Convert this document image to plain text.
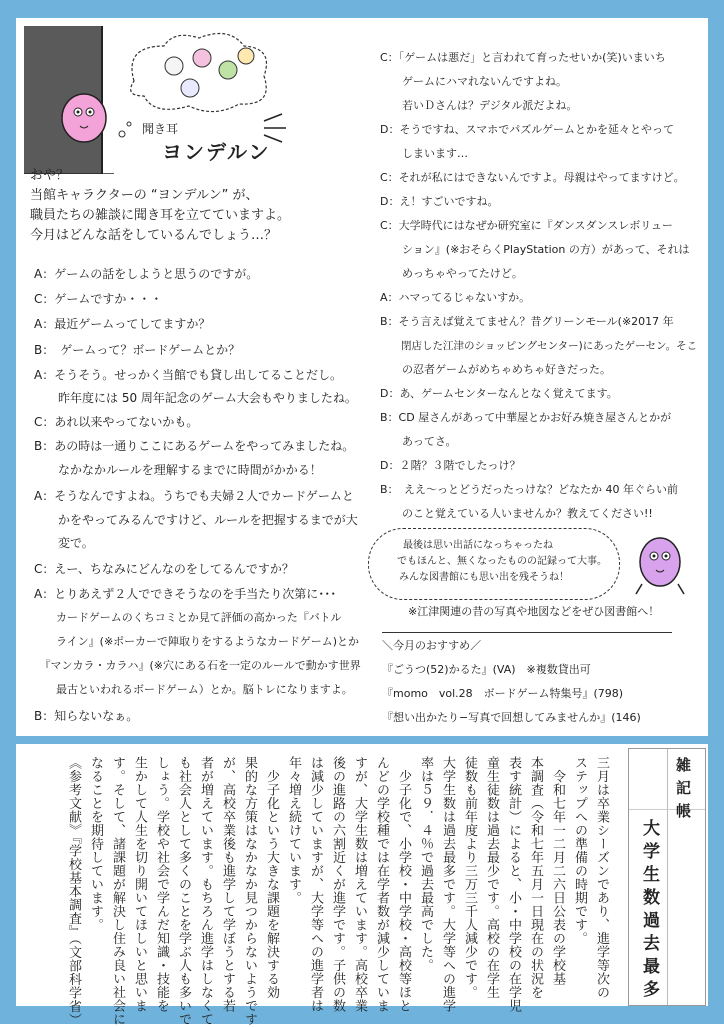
聞き耳
ヨンデルン
おや？
当館キャラクターの “ヨンデルン” が、
職員たちの雑談に聞き耳を立てていますよ。
今月はどんな話をしているんでしょう…？
A：ゲームの話をしようと思うのですが。
C：ゲームですか・・・
A：最近ゲームってしてますか？
B：　ゲームって？ボードゲームとか？
A：そうそう。せっかく当館でも貸し出してることだし。
　　昨年度には 50 周年記念のゲーム大会もやりましたね。
C：あれ以来やってないかも。
B：あの時は一通りここにあるゲームをやってみましたね。
　　なかなかルールを理解するまでに時間がかかる！
A：そうなんですよね。うちでも夫婦２人でカードゲームと
　　かをやってみるんですけど、ルールを把握するまでが大
　　変で。
C：えー、ちなみにどんなのをしてるんですか？
A：とりあえず２人でできそうなのを手当たり次第に･･･
　　カードゲームのくちコミとか見て評価の高かった『バトル
　　ライン』(※ポーカーで陣取りをするようなカードゲーム)とか
　『マンカラ・カラハ』(※穴にある石を一定のルールで動かす世界
　　最古といわれるボードゲーム）とか。脳トレになりますよ。
B：知らないなぁ。
C：「ゲームは悪だ」と言われて育ったせいか(笑)いまいち
　　ゲームにハマれないんですよね。
　　若いＤさんは？デジタル派だよね。
D：そうですね、スマホでパズルゲームとかを延々とやって
　　しまいます…
C：それが私にはできないんですよ。母親はやってますけど。
D：え！すごいですね。
C：大学時代にはなぜか研究室に『ダンスダンスレボリュー
　　ション』(※おそらくPlayStation の方）があって、それは
　　めっちゃやってたけど。
A：ハマってるじゃないすか。
B：そう言えば覚えてません？昔グリーンモール(※2017 年
　　閉店した江津のショッピングセンター)にあったゲーセン。そこ
　　の忍者ゲームがめちゃめちゃ好きだった。
D：あ、ゲームセンターなんとなく覚えてます。
B：CD 屋さんがあって中華屋とかお好み焼き屋さんとかが
　　あってさ。
D：２階？３階でしたっけ？
B：　ええ〜っとどうだったっけな？どなたか 40 年ぐらい前
　　のこと覚えている人いませんか？教えてください!!
最後は思い出話になっちゃったね
でもほんと、無くなったものの記録って大事。
みんな図書館にも思い出を残そうね！
※江津関連の昔の写真や地図などをぜひ図書館へ！
＼今月のおすすめ／
『ごうつ(52)かるた』(VA)　※複数貸出可
『momo　vol.28　ボードゲーム特集号』(798)
『想い出かたり−写真で回想してみませんか』(146)
三月は卒業シーズンであり、進学等次の
ステップへの準備の時期です。
　令和七年一二月二六日公表の学校基
本調査（令和七年五月一日現在の状況を
表す統計）によると、小・中学校の在学児
童生徒数は過去最少です。高校の在学生
徒数も前年度より三万三千人減少です。
大学生数は過去最多です。大学等への進学
率は５９．４％で過去最高でした。
　少子化で、小学校・中学校・高校等ほと
んどの学校種では在学者数が減少していま
すが、大学生数は増えています。高校卒業
後の進路の六割近くが進学です。子供の数
は減少していますが、大学等への進学者は
年々増え続けています。
　少子化という大きな課題を解決する効
果的な方策はなかなか見つからないようです
が、高校卒業後も進学して学ぼうとする若
者が増えています。もちろん進学はしなくて
も社会人として多くのことを学ぶ人も多いで
しょう。学校や社会で学んだ知識・技能を
生かして人生を切り開いてほしいと思いま
す。そして、諸課題が解決し住み良い社会に
なることを期待しています。
《参考文献》『学校基本調査』（文部科学省）	雑記帳
大学生数過去最多
